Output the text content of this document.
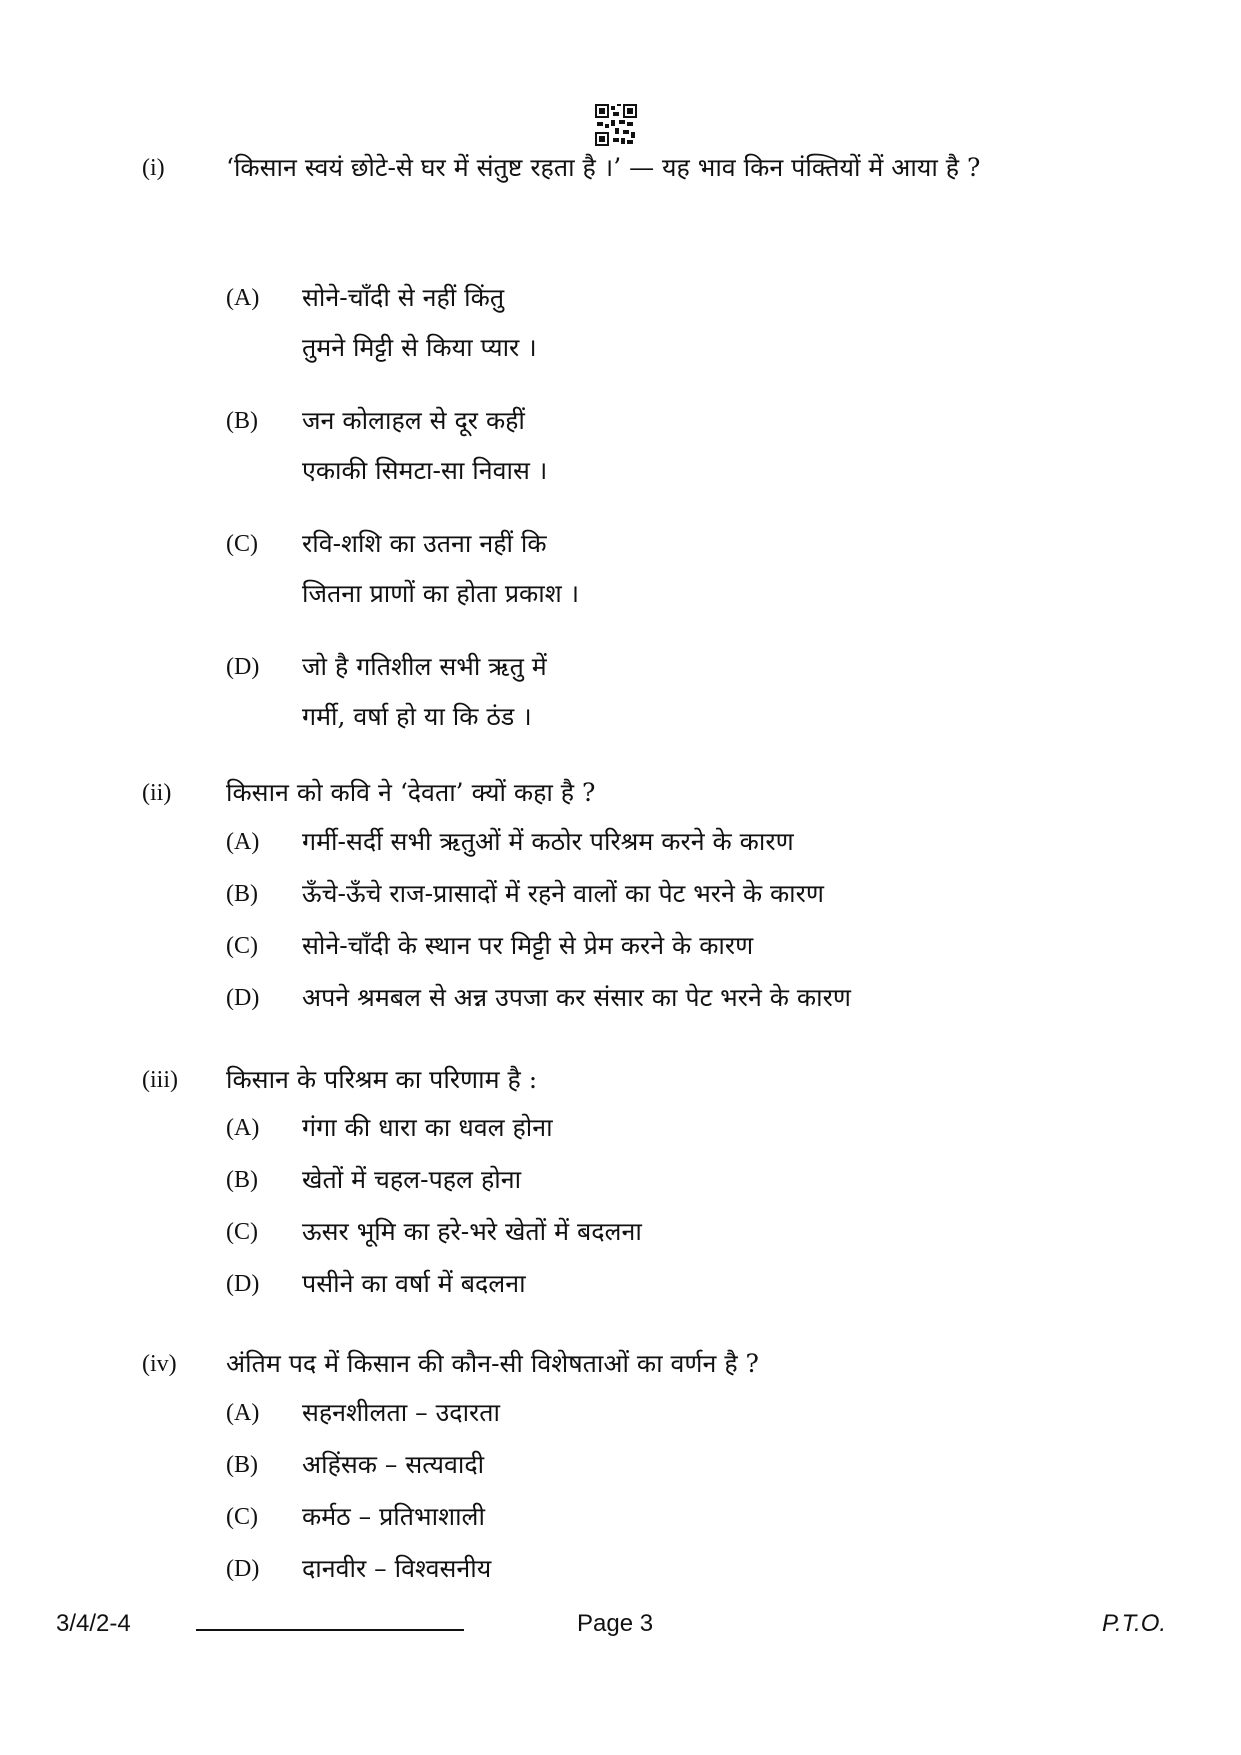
(i) ‘किसान स्वयं छोटे-से घर में संतुष्ट रहता है ।’ — यह भाव किन पंक्तियों में आया है ?
(A) सोने-चाँदी से नहीं किंतु
तुमने मिट्टी से किया प्यार ।
(B) जन कोलाहल से दूर कहीं
एकाकी सिमटा-सा निवास ।
(C) रवि-शशि का उतना नहीं कि
जितना प्राणों का होता प्रकाश ।
(D) जो है गतिशील सभी ऋतु में
गर्मी, वर्षा हो या कि ठंड ।
(ii) किसान को कवि ने ‘देवता’ क्यों कहा है ?
(A) गर्मी-सर्दी सभी ऋतुओं में कठोर परिश्रम करने के कारण
(B) ऊँचे-ऊँचे राज-प्रासादों में रहने वालों का पेट भरने के कारण
(C) सोने-चाँदी के स्थान पर मिट्टी से प्रेम करने के कारण
(D) अपने श्रमबल से अन्न उपजा कर संसार का पेट भरने के कारण
(iii) किसान के परिश्रम का परिणाम है :
(A) गंगा की धारा का धवल होना
(B) खेतों में चहल-पहल होना
(C) ऊसर भूमि का हरे-भरे खेतों में बदलना
(D) पसीने का वर्षा में बदलना
(iv) अंतिम पद में किसान की कौन-सी विशेषताओं का वर्णन है ?
(A) सहनशीलता – उदारता
(B) अहिंसक – सत्यवादी
(C) कर्मठ – प्रतिभाशाली
(D) दानवीर – विश्वसनीय
3/4/2-4	Page 3	P.T.O.
